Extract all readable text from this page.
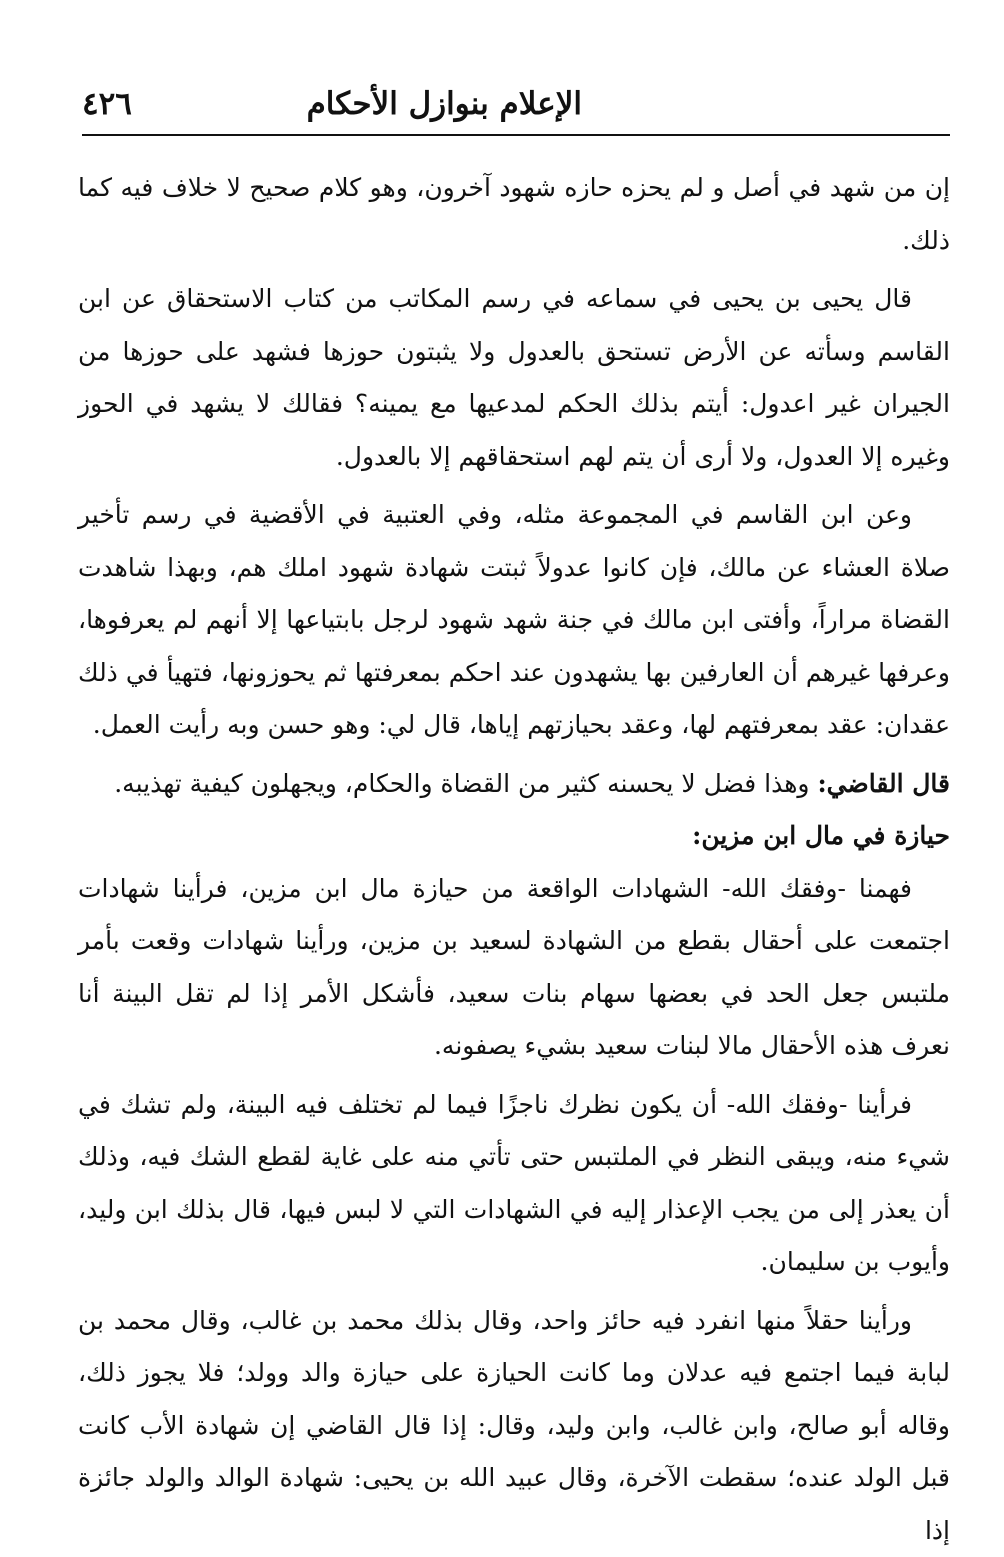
الإعلام بنوازل الأحكام
٤٢٦

إن من شهد في أصل و لم يحزه حازه شهود آخرون، وهو كلام صحيح لا خلاف فيه كما ذلك.

قال يحيى بن يحيى في سماعه في رسم المكاتب من كتاب الاستحقاق عن ابن القاسم وسأته عن الأرض تستحق بالعدول ولا يثبتون حوزها فشهد على حوزها من الجيران غير اعدول: أيتم بذلك الحكم لمدعيها مع يمينه؟ فقالك لا يشهد في الحوز وغيره إلا العدول، ولا أرى أن يتم لهم استحقاقهم إلا بالعدول.

وعن ابن القاسم في المجموعة مثله، وفي العتبية في الأقضية في رسم تأخير صلاة العشاء عن مالك، فإن كانوا عدولاً ثبتت شهادة شهود املك هم، وبهذا شاهدت القضاة مراراً، وأفتى ابن مالك في جنة شهد شهود لرجل بابتياعها إلا أنهم لم يعرفوها، وعرفها غيرهم أن العارفين بها يشهدون عند احكم بمعرفتها ثم يحوزونها، فتهيأ في ذلك عقدان: عقد بمعرفتهم لها، وعقد بحيازتهم إياها، قال لي: وهو حسن وبه رأيت العمل.

قال القاضي: وهذا فضل لا يحسنه كثير من القضاة والحكام، ويجهلون كيفية تهذيبه.

حيازة في مال ابن مزين:

فهمنا -وفقك الله- الشهادات الواقعة من حيازة مال ابن مزين، فرأينا شهادات اجتمعت على أحقال بقطع من الشهادة لسعيد بن مزين، ورأينا شهادات وقعت بأمر ملتبس جعل الحد في بعضها سهام بنات سعيد، فأشكل الأمر إذا لم تقل البينة أنا نعرف هذه الأحقال مالا لبنات سعيد بشيء يصفونه.

فرأينا -وفقك الله- أن يكون نظرك ناجزًا فيما لم تختلف فيه البينة، ولم تشك في شيء منه، ويبقى النظر في الملتبس حتى تأتي منه على غاية لقطع الشك فيه، وذلك أن يعذر إلى من يجب الإعذار إليه في الشهادات التي لا لبس فيها، قال بذلك ابن وليد، وأيوب بن سليمان.

ورأينا حقلاً منها انفرد فيه حائز واحد، وقال بذلك محمد بن غالب، وقال محمد بن لبابة فيما اجتمع فيه عدلان وما كانت الحيازة على حيازة والد وولد؛ فلا يجوز ذلك، وقاله أبو صالح، وابن غالب، وابن وليد، وقال: إذا قال القاضي إن شهادة الأب كانت قبل الولد عنده؛ سقطت الآخرة، وقال عبيد الله بن يحيى: شهادة الوالد والولد جائزة إذا
